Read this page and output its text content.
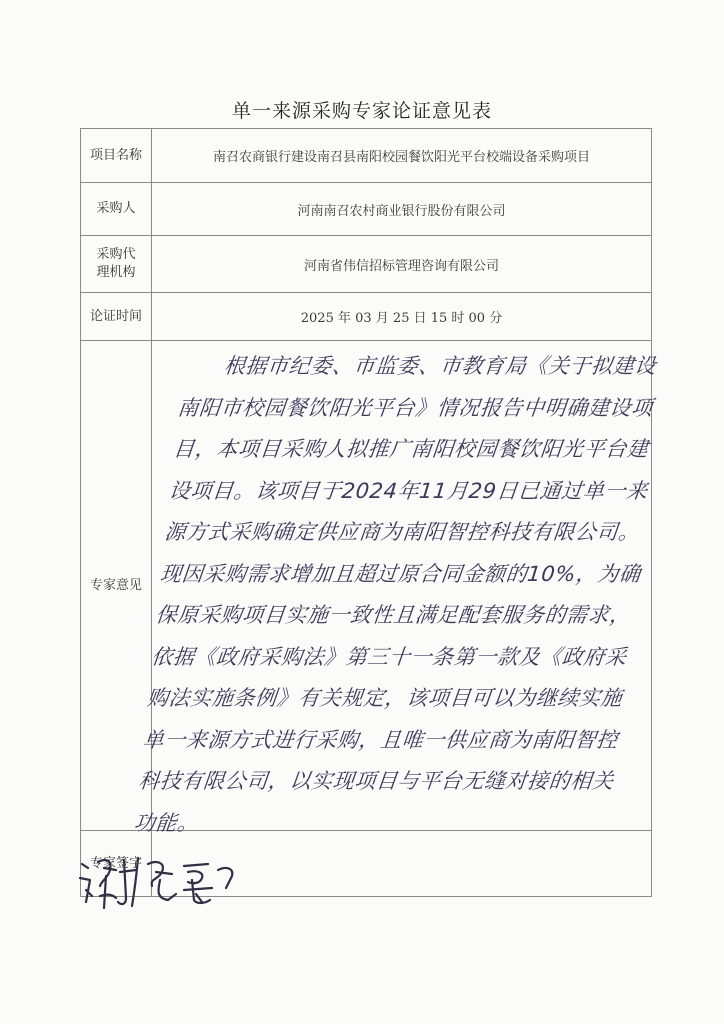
单一来源采购专家论证意见表
项目名称	南召农商银行建设南召县南阳校园餐饮阳光平台校端设备采购项目
采购人	河南南召农村商业银行股份有限公司
采购代理机构	河南省伟信招标管理咨询有限公司
论证时间	2025 年 03 月 25 日 15 时 00 分
专家意见	根据市纪委、市监委、市教育局《关于拟建设南阳市校园餐饮阳光平台》情况报告中明确建设项目，本项目采购人拟推广南阳校园餐饮阳光平台建设项目。该项目于2024年11月29日已通过单一来源方式采购确定供应商为南阳智控科技有限公司。现因采购需求增加且超过原合同金额的10%，为确保原采购项目实施一致性且满足配套服务的需求，依据《政府采购法》第三十一条第一款及《政府采购法实施条例》有关规定，该项目可以为继续实施单一来源方式进行采购，且唯一供应商为南阳智控科技有限公司，以实现项目与平台无缝对接的相关功能。

专家签字	
